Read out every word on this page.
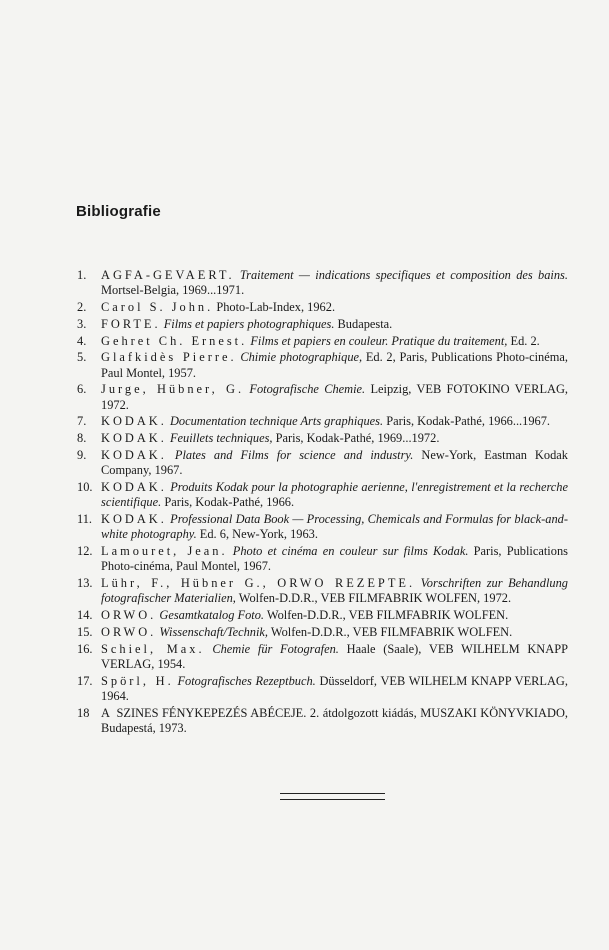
Bibliografie
1.	AGFA-GEVAERT. Traitement — indications specifiques et composition des bains. Mortsel-Belgia, 1969...1971.
2.	Carol S. John. Photo-Lab-Index, 1962.
3.	FORTE. Films et papiers photographiques. Budapesta.
4.	Gehret Ch. Ernest. Films et papiers en couleur. Pratique du traitement, Ed. 2.
5.	Glafkidès Pierre. Chimie photographique, Ed. 2, Paris, Publications Photo-cinéma, Paul Montel, 1957.
6.	Jurge, Hübner, G. Fotografische Chemie. Leipzig, VEB FOTOKINO VERLAG, 1972.
7.	KODAK. Documentation technique Arts graphiques. Paris, Kodak-Pathé, 1966...1967.
8.	KODAK. Feuillets techniques, Paris, Kodak-Pathé, 1969...1972.
9.	KODAK. Plates and Films for science and industry. New-York, Eastman Kodak Company, 1967.
10. KODAK. Produits Kodak pour la photographie aerienne, l'enregistrement et la recherche scientifique. Paris, Kodak-Pathé, 1966.
11. KODAK. Professional Data Book — Processing, Chemicals and Formulas for black-and-white photography. Ed. 6, New-York, 1963.
12. Lamouret, Jean. Photo et cinéma en couleur sur films Kodak. Paris, Publications Photo-cinéma, Paul Montel, 1967.
13. Lühr, F., Hübner G., ORWO REZEPTE. Vorschriften zur Behandlung fotografischer Materialien, Wolfen-D.D.R., VEB FILMFABRIK WOLFEN, 1972.
14. ORWO. Gesamtkatalog Foto. Wolfen-D.D.R., VEB FILMFABRIK WOLFEN.
15. ORWO. Wissenschaft/Technik, Wolfen-D.D.R., VEB FILMFABRIK WOLFEN.
16. Schiel, Max. Chemie für Fotografen. Haale (Saale), VEB WILHELM KNAPP VERLAG, 1954.
17. Spörl, H. Fotografisches Rezeptbuch. Düsseldorf, VEB WILHELM KNAPP VERLAG, 1964.
18 A SZINES FÉNYKEPEZÉS ABÉCEJE. 2. átdolgozott kiádás, MUSZAKI KÖNYVKIADO, Budapestá, 1973.
